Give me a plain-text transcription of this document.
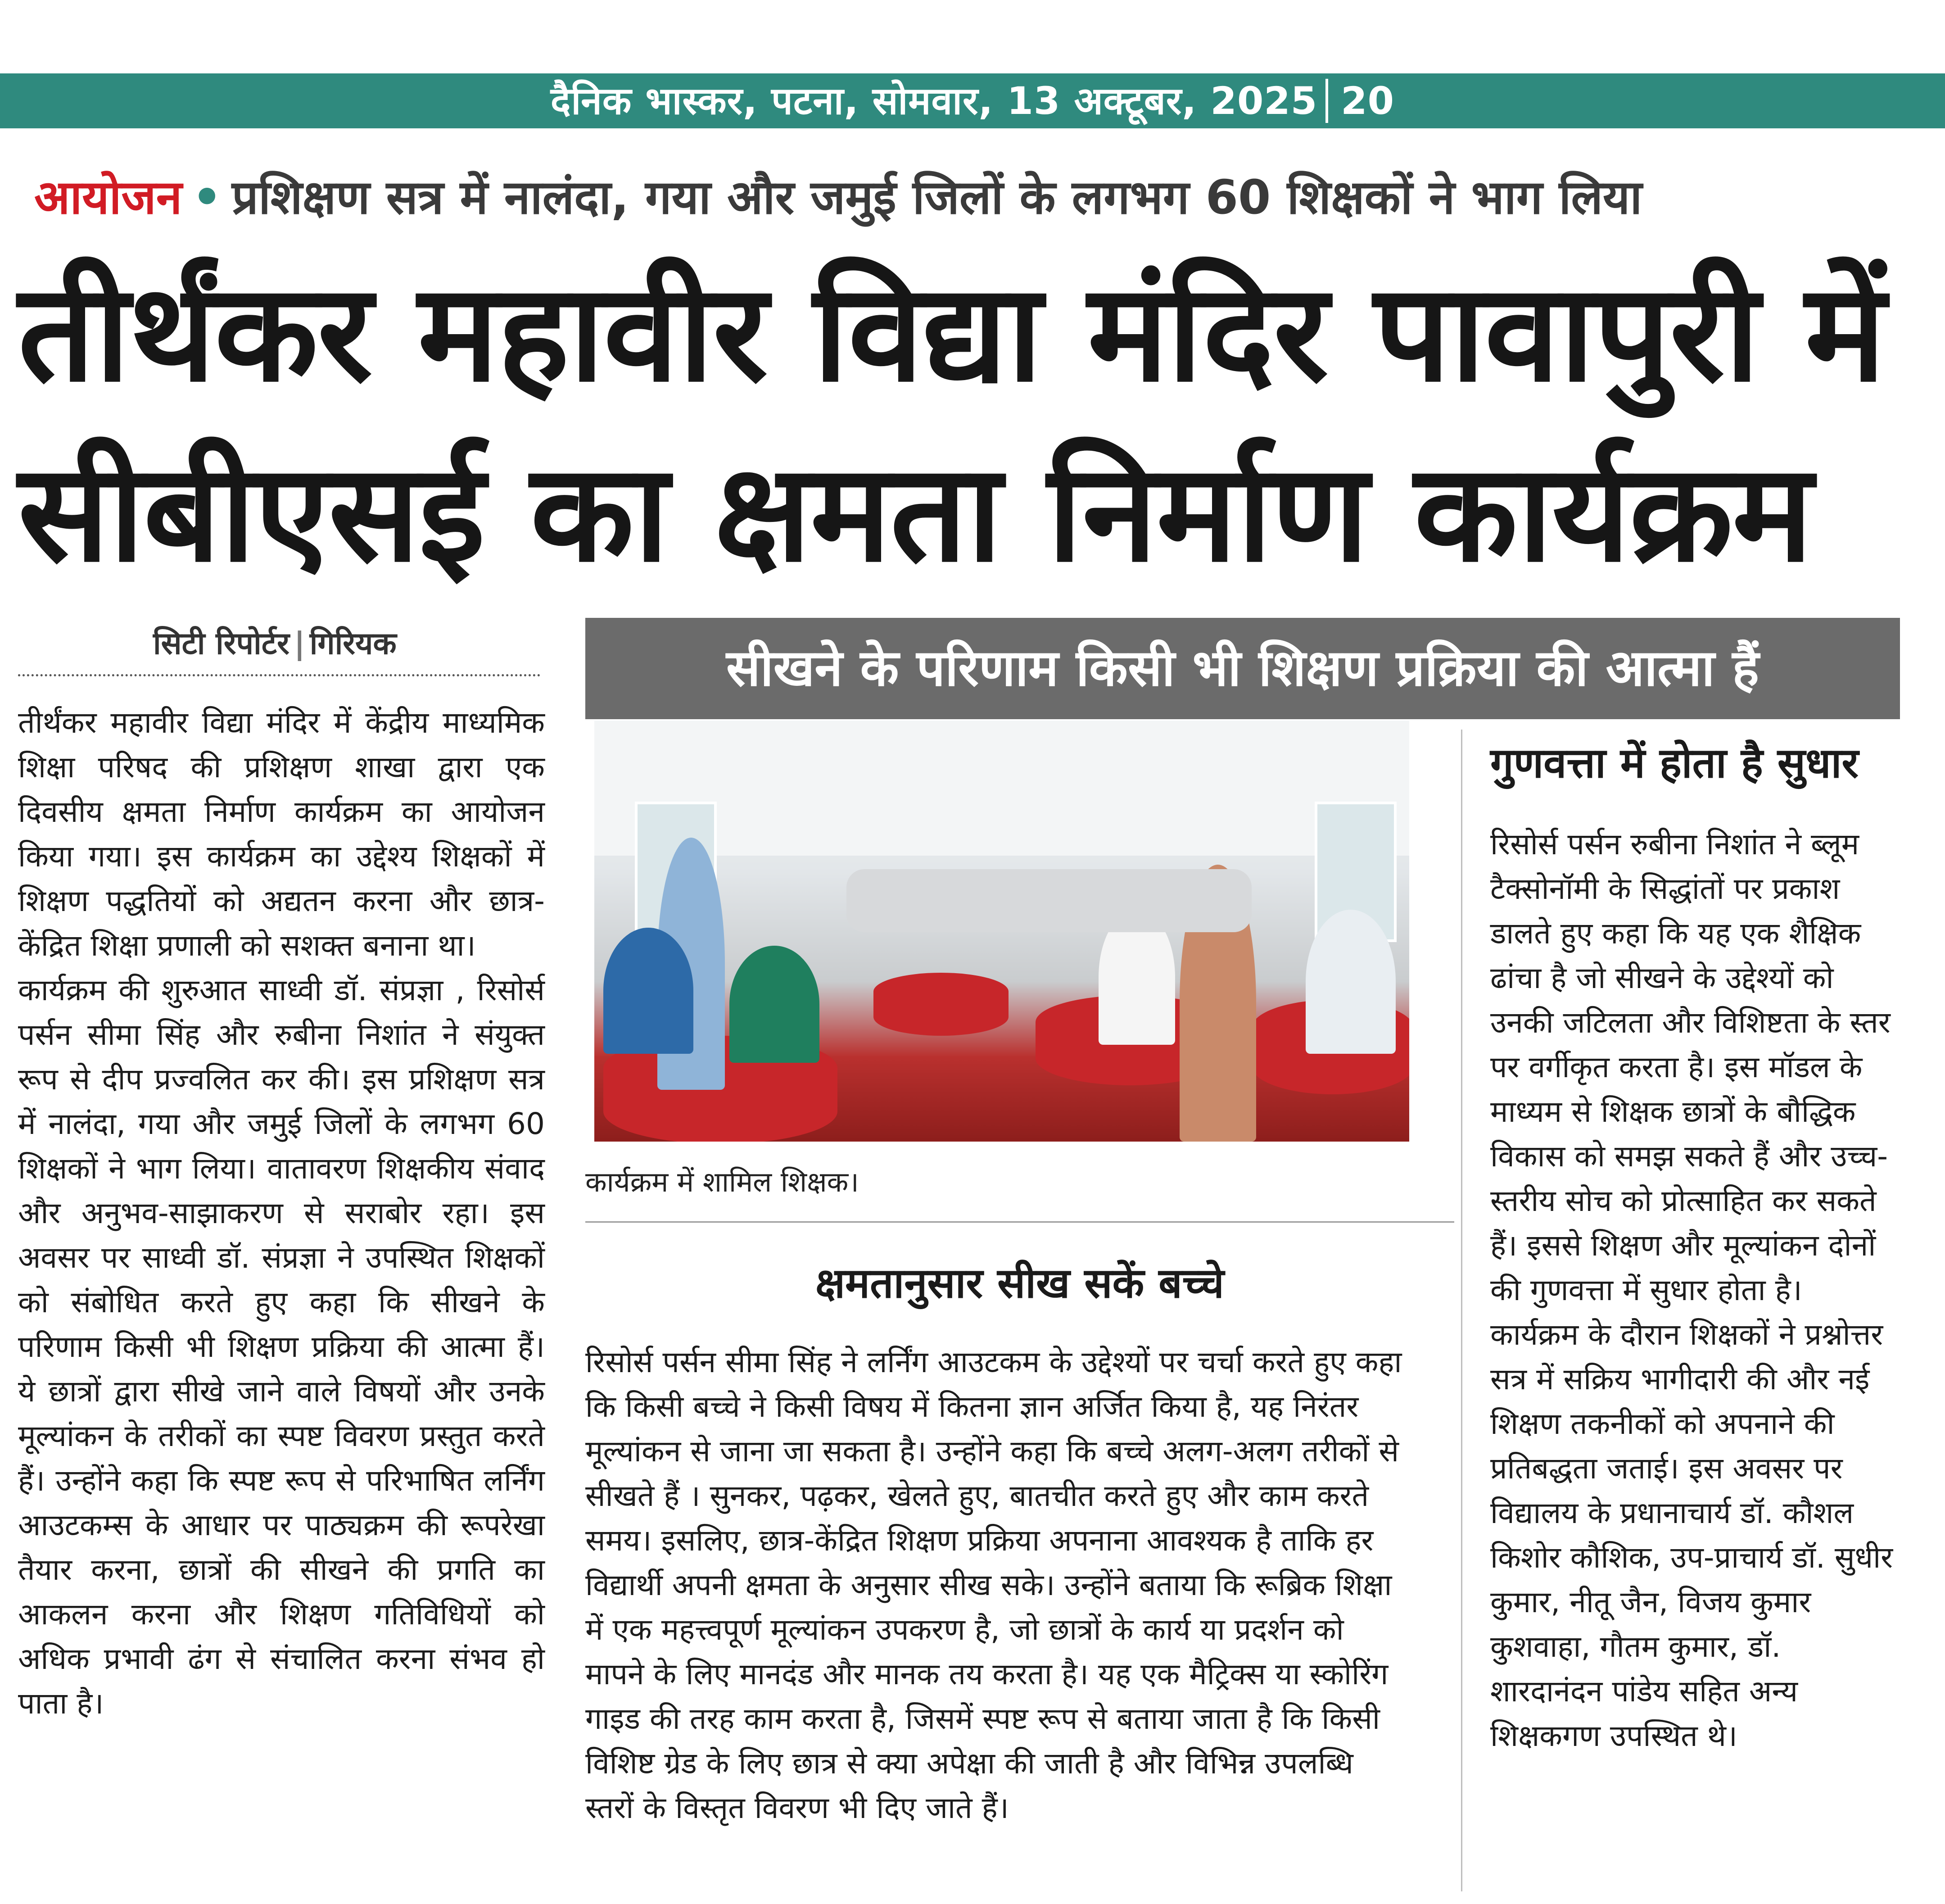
दैनिक भास्कर, पटना, सोमवार, 13 अक्टूबर, 2025 20
आयोजन • प्रशिक्षण सत्र में नालंदा, गया और जमुई जिलों के लगभग 60 शिक्षकों ने भाग लिया
तीर्थंकर महावीर विद्या मंदिर पावापुरी में
सीबीएसई का क्षमता निर्माण कार्यक्रम
सिटी रिपोर्टर | गिरियक

तीर्थंकर महावीर विद्या मंदिर में केंद्रीय माध्यमिक शिक्षा परिषद की प्रशिक्षण शाखा द्वारा एक दिवसीय क्षमता निर्माण कार्यक्रम का आयोजन किया गया। इस कार्यक्रम का उद्देश्य शिक्षकों में शिक्षण पद्धतियों को अद्यतन करना और छात्र-केंद्रित शिक्षा प्रणाली को सशक्त बनाना था।

कार्यक्रम की शुरुआत साध्वी डॉ. संप्रज्ञा , रिसोर्स पर्सन सीमा सिंह और रुबीना निशांत ने संयुक्त रूप से दीप प्रज्वलित कर की। इस प्रशिक्षण सत्र में नालंदा, गया और जमुई जिलों के लगभग 60 शिक्षकों ने भाग लिया। वातावरण शिक्षकीय संवाद और अनुभव-साझाकरण से सराबोर रहा। इस अवसर पर साध्वी डॉ. संप्रज्ञा ने उपस्थित शिक्षकों को संबोधित करते हुए कहा कि सीखने के परिणाम किसी भी शिक्षण प्रक्रिया की आत्मा हैं। ये छात्रों द्वारा सीखे जाने वाले विषयों और उनके मूल्यांकन के तरीकों का स्पष्ट विवरण प्रस्तुत करते हैं। उन्होंने कहा कि स्पष्ट रूप से परिभाषित लर्निंग आउटकम्स के आधार पर पाठ्यक्रम की रूपरेखा तैयार करना, छात्रों की सीखने की प्रगति का आकलन करना और शिक्षण गतिविधियों को अधिक प्रभावी ढंग से संचालित करना संभव हो पाता है।

सीखने के परिणाम किसी भी शिक्षण प्रक्रिया की आत्मा हैं
कार्यक्रम में शामिल शिक्षक।
क्षमतानुसार सीख सकें बच्चे

रिसोर्स पर्सन सीमा सिंह ने लर्निंग आउटकम के उद्देश्यों पर चर्चा करते हुए कहा कि किसी बच्चे ने किसी विषय में कितना ज्ञान अर्जित किया है, यह निरंतर मूल्यांकन से जाना जा सकता है। उन्होंने कहा कि बच्चे अलग-अलग तरीकों से सीखते हैं । सुनकर, पढ़कर, खेलते हुए, बातचीत करते हुए और काम करते समय। इसलिए, छात्र-केंद्रित शिक्षण प्रक्रिया अपनाना आवश्यक है ताकि हर विद्यार्थी अपनी क्षमता के अनुसार सीख सके। उन्होंने बताया कि रूब्रिक शिक्षा में एक महत्त्वपूर्ण मूल्यांकन उपकरण है, जो छात्रों के कार्य या प्रदर्शन को मापने के लिए मानदंड और मानक तय करता है। यह एक मैट्रिक्स या स्कोरिंग गाइड की तरह काम करता है, जिसमें स्पष्ट रूप से बताया जाता है कि किसी विशिष्ट ग्रेड के लिए छात्र से क्या अपेक्षा की जाती है और विभिन्न उपलब्धि स्तरों के विस्तृत विवरण भी दिए जाते हैं।

गुणवत्ता में होता है सुधार

रिसोर्स पर्सन रुबीना निशांत ने ब्लूम टैक्सोनॉमी के सिद्धांतों पर प्रकाश डालते हुए कहा कि यह एक शैक्षिक ढांचा है जो सीखने के उद्देश्यों को उनकी जटिलता और विशिष्टता के स्तर पर वर्गीकृत करता है। इस मॉडल के माध्यम से शिक्षक छात्रों के बौद्धिक विकास को समझ सकते हैं और उच्च-स्तरीय सोच को प्रोत्साहित कर सकते हैं। इससे शिक्षण और मूल्यांकन दोनों की गुणवत्ता में सुधार होता है।

कार्यक्रम के दौरान शिक्षकों ने प्रश्नोत्तर सत्र में सक्रिय भागीदारी की और नई शिक्षण तकनीकों को अपनाने की प्रतिबद्धता जताई। इस अवसर पर विद्यालय के प्रधानाचार्य डॉ. कौशल किशोर कौशिक, उप-प्राचार्य डॉ. सुधीर कुमार, नीतू जैन, विजय कुमार कुशवाहा, गौतम कुमार, डॉ. शारदानंदन पांडेय सहित अन्य शिक्षकगण उपस्थित थे।
